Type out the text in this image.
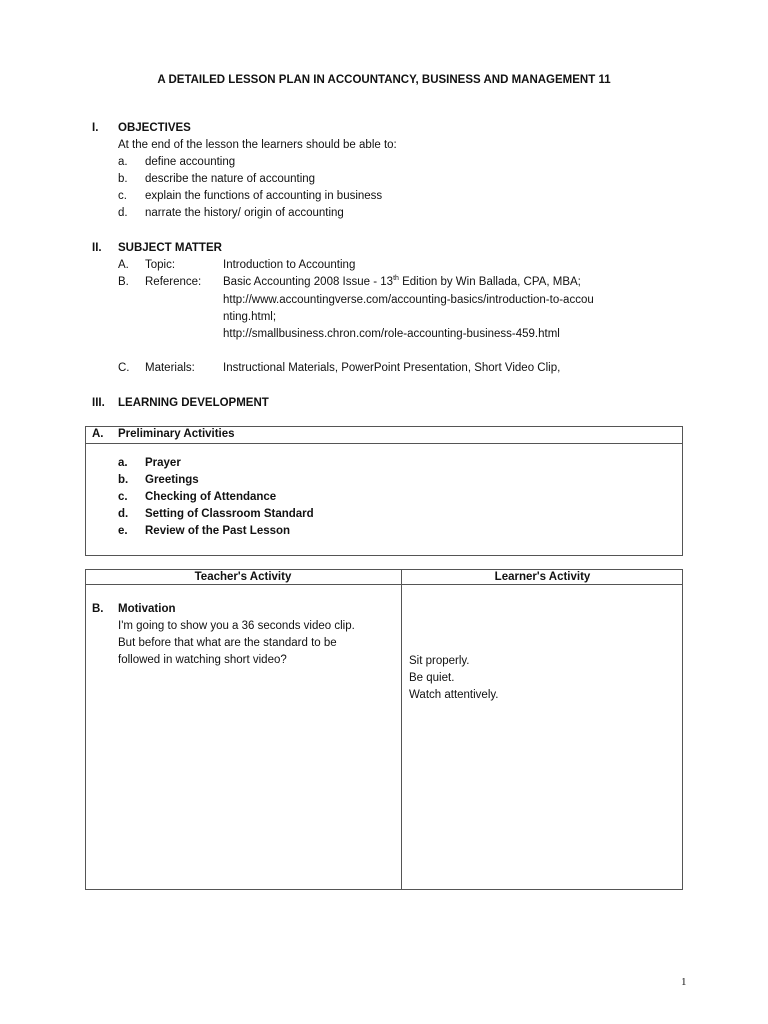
A DETAILED LESSON PLAN IN ACCOUNTANCY, BUSINESS AND MANAGEMENT 11
I. OBJECTIVES
At the end of the lesson the learners should be able to:
a. define accounting
b. describe the nature of accounting
c. explain the functions of accounting in business
d. narrate the history/ origin of accounting
II. SUBJECT MATTER
A. Topic:	Introduction to Accounting
B. Reference: Basic Accounting 2008 Issue - 13th Edition by Win Ballada, CPA, MBA;
http://www.accountingverse.com/accounting-basics/introduction-to-accou
nting.html;
http://smallbusiness.chron.com/role-accounting-business-459.html
C. Materials: Instructional Materials, PowerPoint Presentation, Short Video Clip,
III. LEARNING DEVELOPMENT
A. Preliminary Activities
a. Prayer
b. Greetings
c. Checking of Attendance
d. Setting of Classroom Standard
e. Review of the Past Lesson
Teacher's Activity	Learner's Activity
B. Motivation
I'm going to show you a 36 seconds video clip.
But before that what are the standard to be
followed in watching short video?	Sit properly.
Be quiet.
Watch attentively.
1
